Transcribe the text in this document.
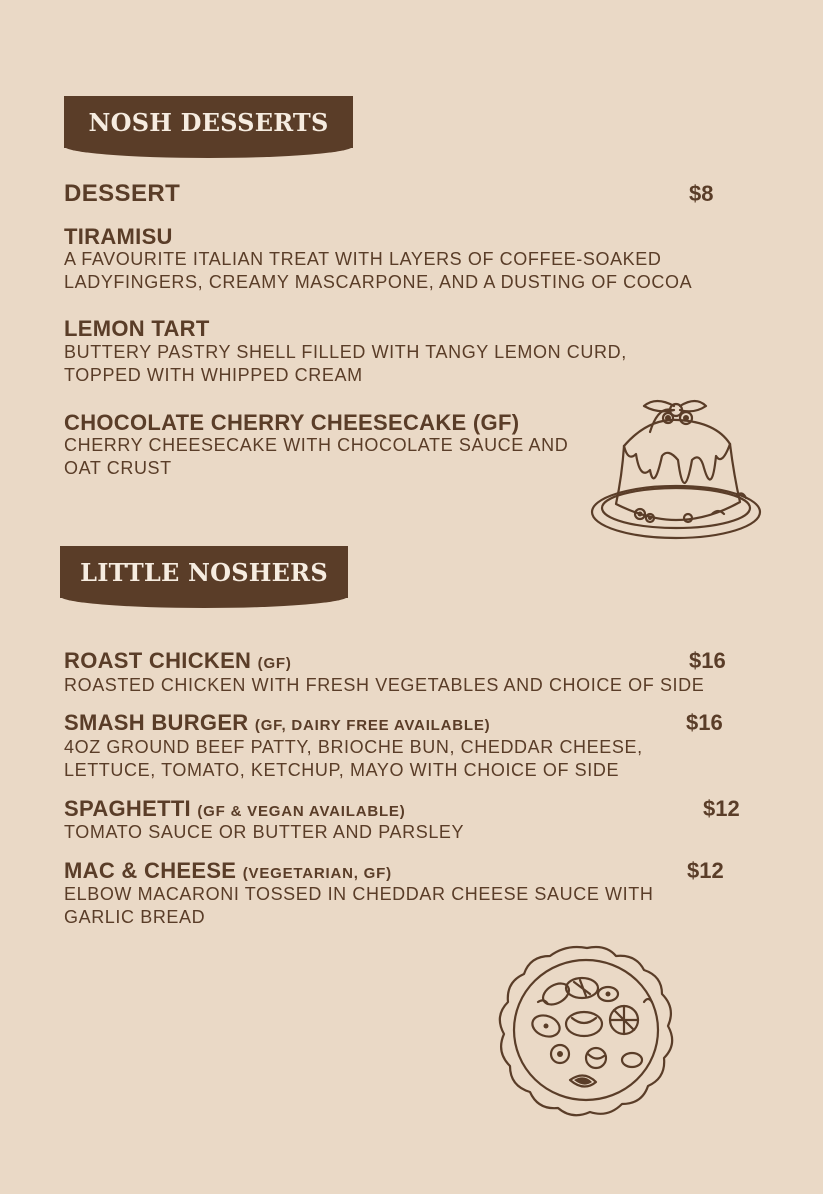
NOSH DESSERTS
DESSERT	$8
TIRAMISU
A FAVOURITE ITALIAN TREAT WITH LAYERS OF COFFEE-SOAKED
LADYFINGERS, CREAMY MASCARPONE, AND A DUSTING OF COCOA
LEMON TART
BUTTERY PASTRY SHELL FILLED WITH TANGY LEMON CURD,
TOPPED WITH WHIPPED CREAM
CHOCOLATE CHERRY CHEESECAKE (GF)
CHERRY CHEESECAKE WITH CHOCOLATE SAUCE AND
OAT CRUST
LITTLE NOSHERS
ROAST CHICKEN (GF)	$16
ROASTED CHICKEN WITH FRESH VEGETABLES AND CHOICE OF SIDE
SMASH BURGER (GF, DAIRY FREE AVAILABLE)	$16
4OZ GROUND BEEF PATTY, BRIOCHE BUN, CHEDDAR CHEESE,
LETTUCE, TOMATO, KETCHUP, MAYO WITH CHOICE OF SIDE
SPAGHETTI (GF & VEGAN AVAILABLE)	$12
TOMATO SAUCE OR BUTTER AND PARSLEY
MAC & CHEESE (VEGETARIAN, GF)	$12
ELBOW MACARONI TOSSED IN CHEDDAR CHEESE SAUCE WITH
GARLIC BREAD
